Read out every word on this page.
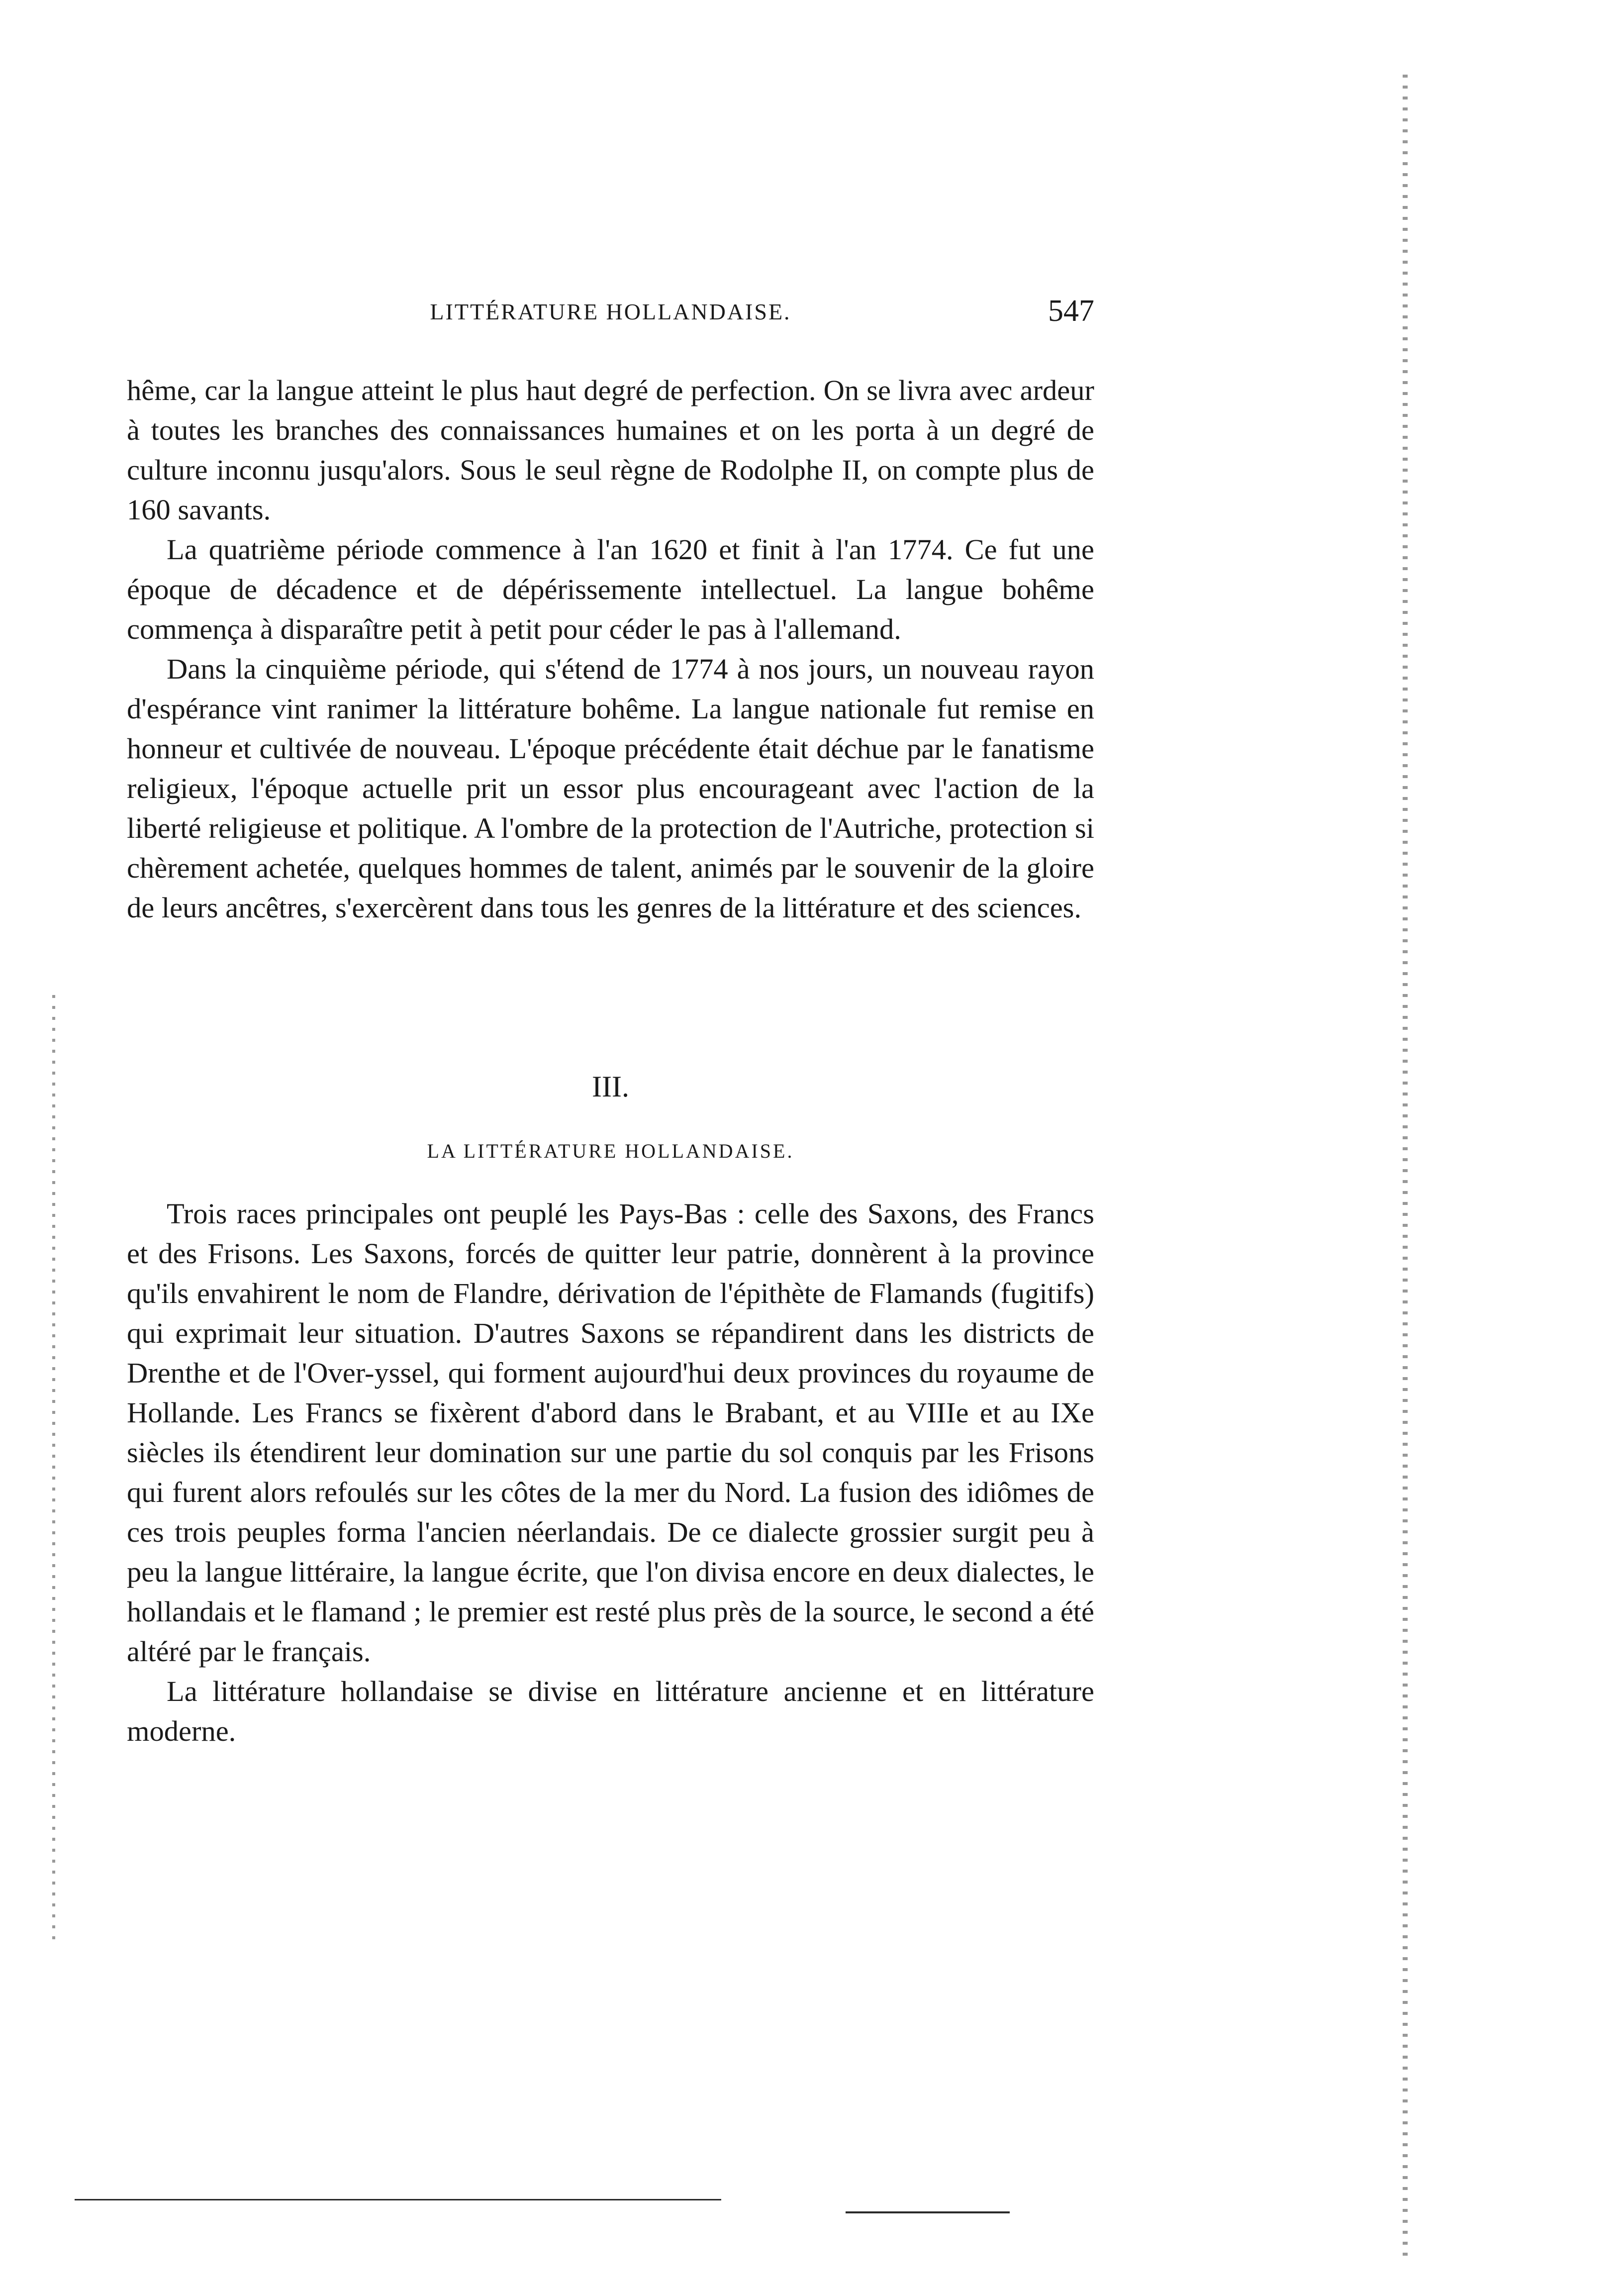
LITTÉRATURE HOLLANDAISE.	547

hême, car la langue atteint le plus haut degré de perfection. On se livra avec ardeur à toutes les branches des connaissances humaines et on les porta à un degré de culture inconnu jusqu'alors. Sous le seul règne de Rodolphe II, on compte plus de 160 savants.

La quatrième période commence à l'an 1620 et finit à l'an 1774. Ce fut une époque de décadence et de dépérissemente intellectuel. La langue bohême commença à disparaître petit à petit pour céder le pas à l'allemand.

Dans la cinquième période, qui s'étend de 1774 à nos jours, un nouveau rayon d'espérance vint ranimer la littérature bohême. La langue nationale fut remise en honneur et cultivée de nouveau. L'époque précédente était déchue par le fanatisme religieux, l'époque actuelle prit un essor plus encourageant avec l'action de la liberté religieuse et politique. A l'ombre de la protection de l'Autriche, protection si chèrement achetée, quelques hommes de talent, animés par le souvenir de la gloire de leurs ancêtres, s'exercèrent dans tous les genres de la littérature et des sciences.

III.
LA LITTÉRATURE HOLLANDAISE.

Trois races principales ont peuplé les Pays-Bas : celle des Saxons, des Francs et des Frisons. Les Saxons, forcés de quitter leur patrie, donnèrent à la province qu'ils envahirent le nom de Flandre, dérivation de l'épithète de Flamands (fugitifs) qui exprimait leur situation. D'autres Saxons se répandirent dans les districts de Drenthe et de l'Over-yssel, qui forment aujourd'hui deux provinces du royaume de Hollande. Les Francs se fixèrent d'abord dans le Brabant, et au VIIIe et au IXe siècles ils étendirent leur domination sur une partie du sol conquis par les Frisons qui furent alors refoulés sur les côtes de la mer du Nord. La fusion des idiômes de ces trois peuples forma l'ancien néerlandais. De ce dialecte grossier surgit peu à peu la langue littéraire, la langue écrite, que l'on divisa encore en deux dialectes, le hollandais et le flamand ; le premier est resté plus près de la source, le second a été altéré par le français.

La littérature hollandaise se divise en littérature ancienne et en littérature moderne.
